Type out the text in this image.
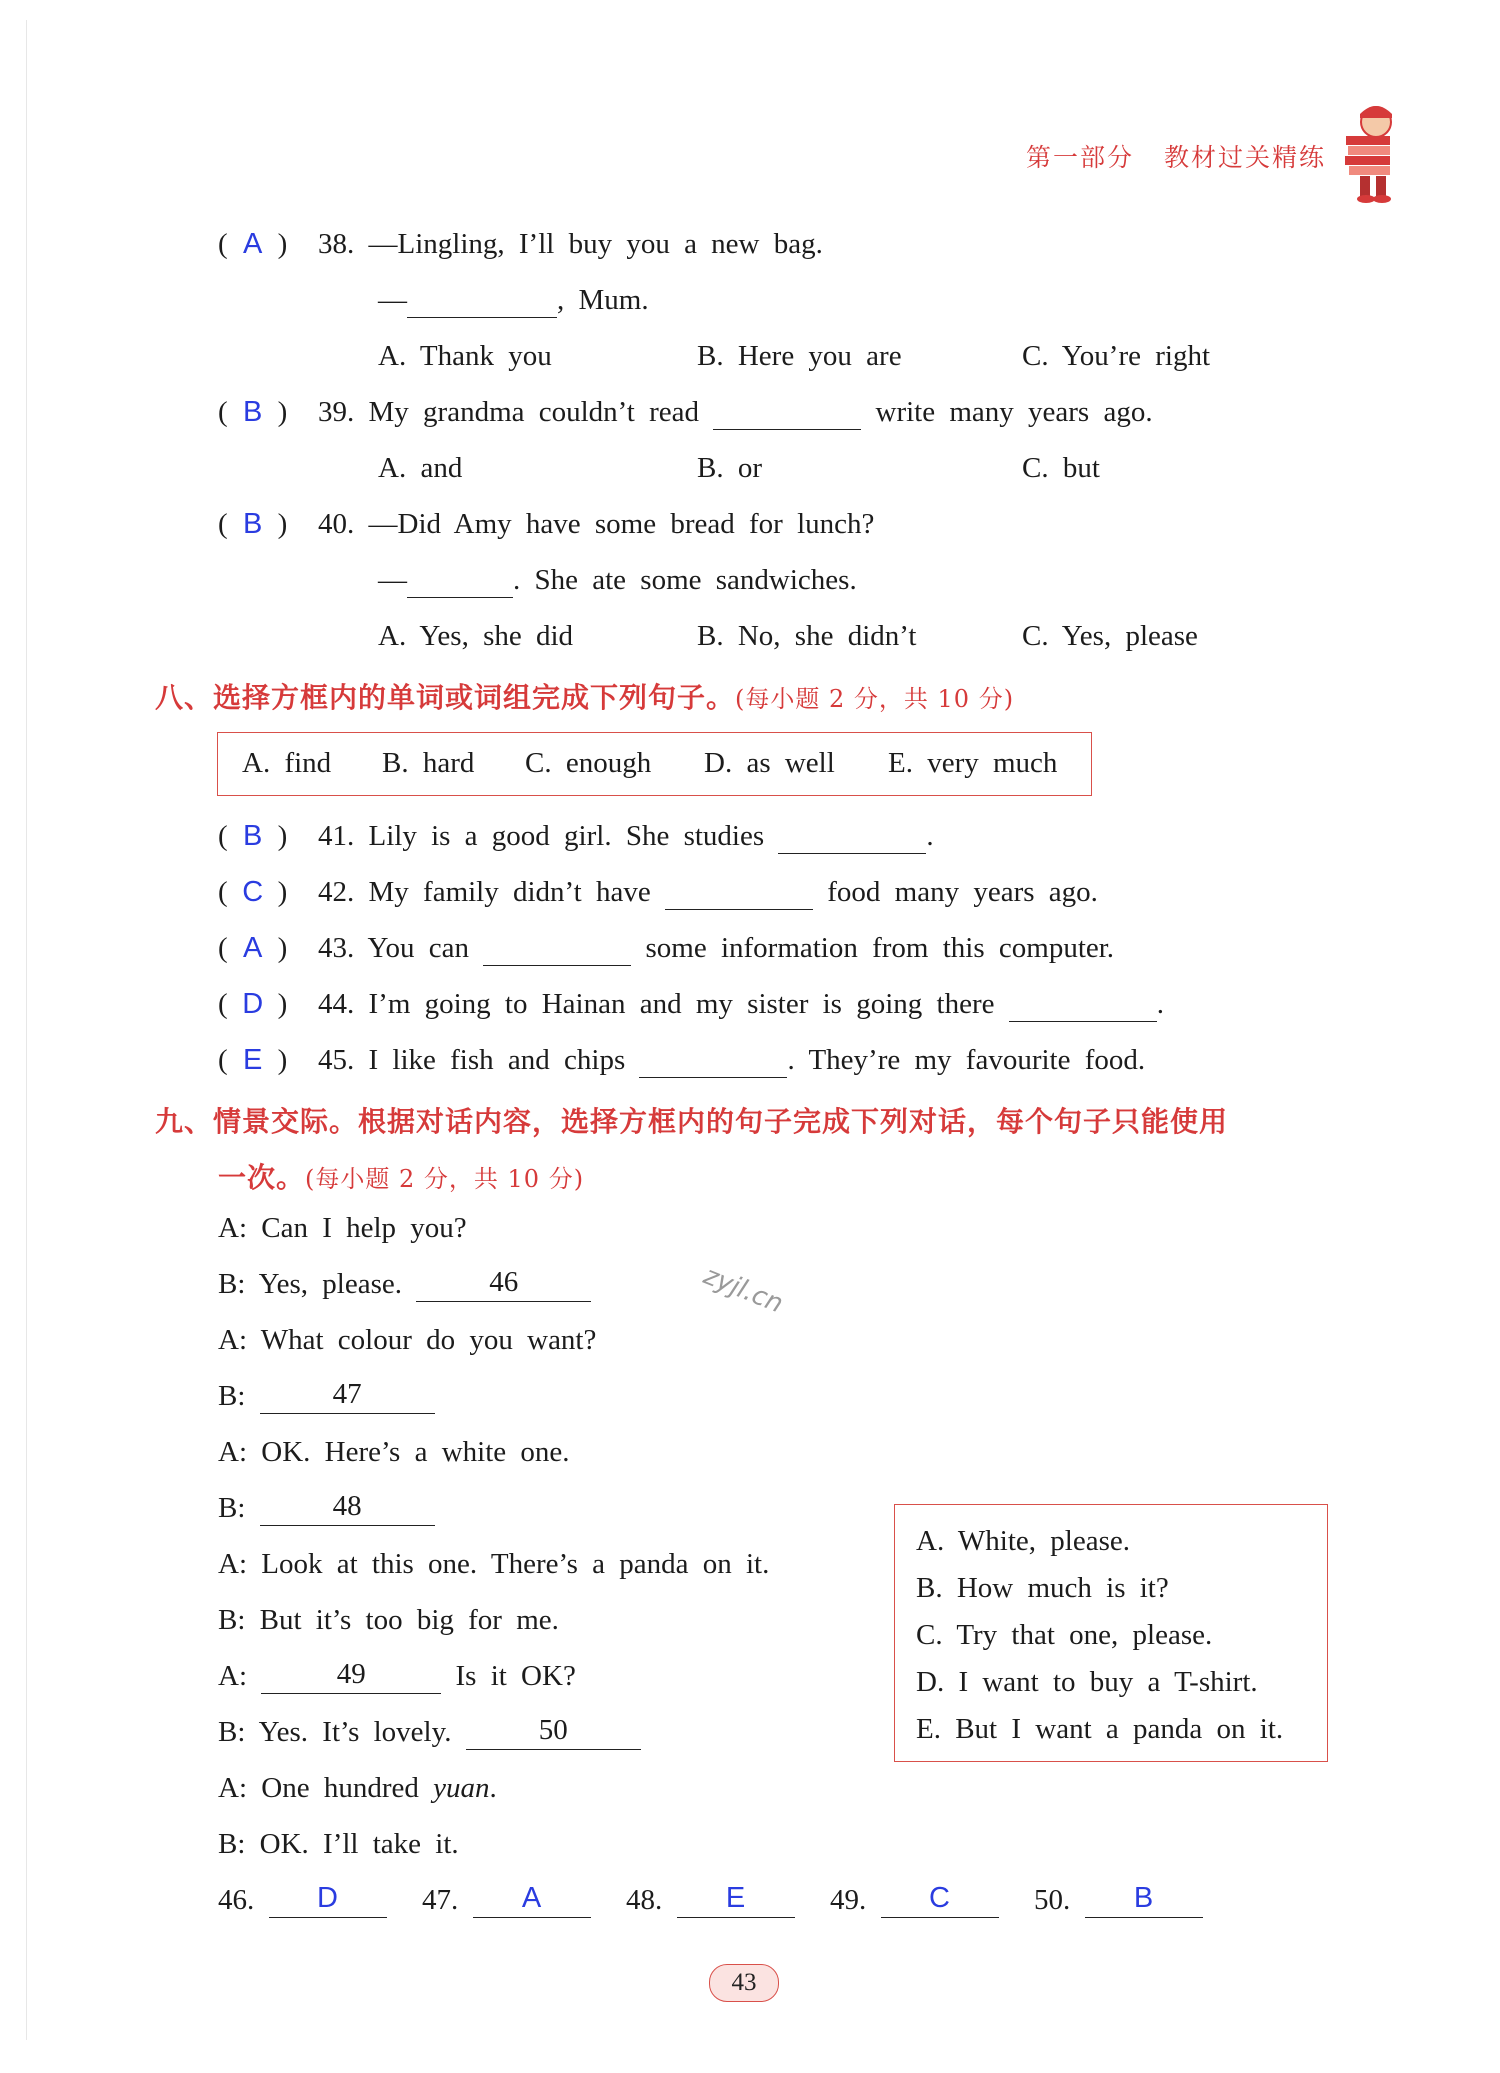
第一部分 教材过关精练
( A ) 38. —Lingling, I’ll buy you a new bag.
—	, Mum.
A. Thank you	B. Here you are	C. You’re right
( B ) 39. My grandma couldn’t read	write many years ago.
A. and	B. or	C. but
( B ) 40. —Did Amy have some bread for lunch?
—	. She ate some sandwiches.
A. Yes, she did	B. No, she didn’t	C. Yes, please
八、选择方框内的单词或词组完成下列句子。(每小题 2 分，共 10 分)
A. find B. hard C. enough D. as well E. very much
( B ) 41. Lily is a good girl. She studies	.
( C ) 42. My family didn’t have	food many years ago.
( A ) 43. You can	some information from this computer.
( D ) 44. I’m going to Hainan and my sister is going there	.
( E ) 45. I like fish and chips	. They’re my favourite food.
九、情景交际。根据对话内容，选择方框内的句子完成下列对话，每个句子只能使用
一次。(每小题 2 分，共 10 分)
A: Can I help you?
B: Yes, please.	46
A: What colour do you want?
B:	47
A: OK. Here’s a white one.
B:	48
A: Look at this one. There’s a panda on it.
B: But it’s too big for me.
A:	49	Is it OK?
B: Yes. It’s lovely.	50
A: One hundred yuan.
B: OK. I’ll take it.
A. White, please.
B. How much is it?
C. Try that one, please.
D. I want to buy a T-shirt.
E. But I want a panda on it.
46. D	47. A	48. E	49. C	50. B
zyjl.cn
43
